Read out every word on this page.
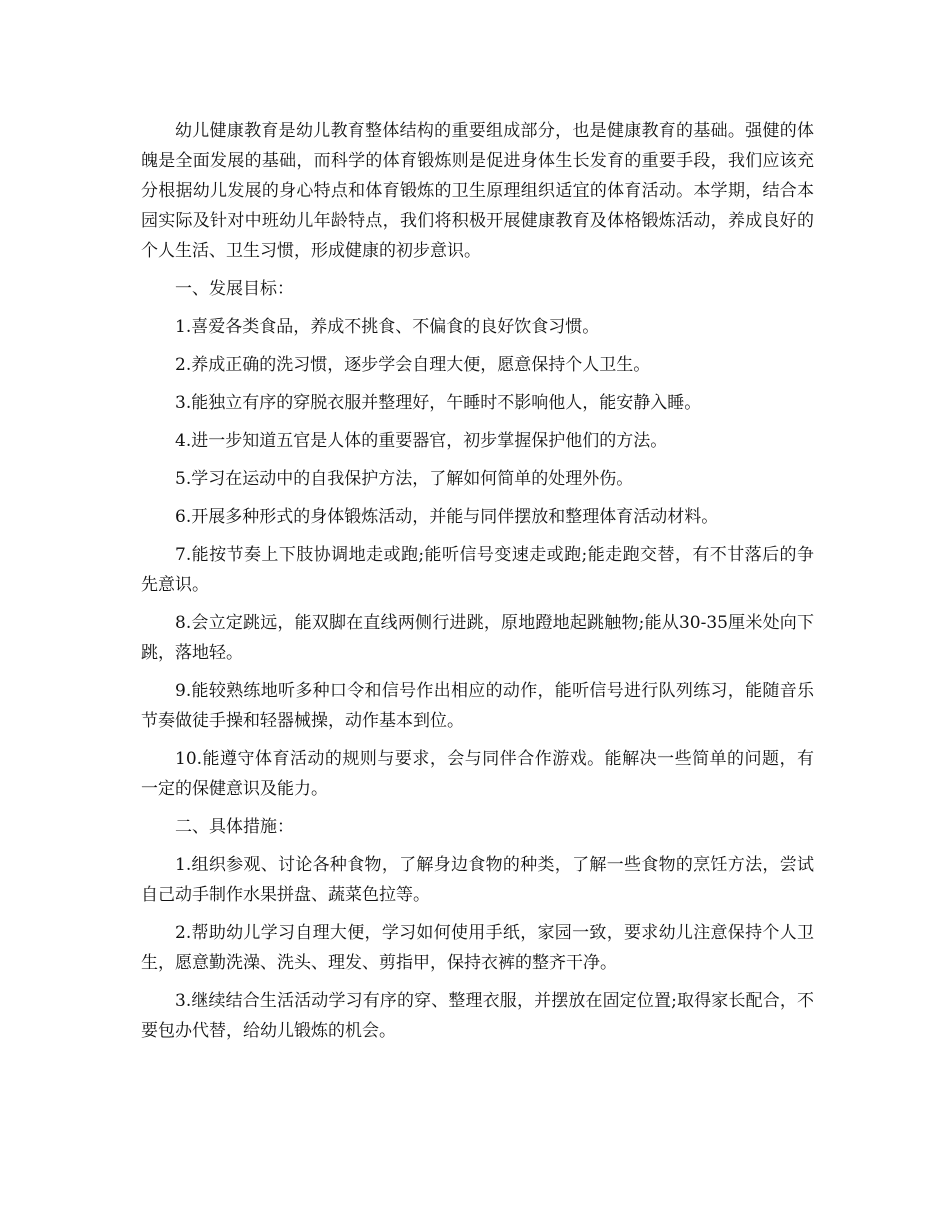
幼儿健康教育是幼儿教育整体结构的重要组成部分，也是健康教育的基础。强健的体魄是全面发展的基础，而科学的体育锻炼则是促进身体生长发育的重要手段，我们应该充分根据幼儿发展的身心特点和体育锻炼的卫生原理组织适宜的体育活动。本学期，结合本园实际及针对中班幼儿年龄特点，我们将积极开展健康教育及体格锻炼活动，养成良好的个人生活、卫生习惯，形成健康的初步意识。

一、发展目标：

1.喜爱各类食品，养成不挑食、不偏食的良好饮食习惯。

2.养成正确的洗习惯，逐步学会自理大便，愿意保持个人卫生。

3.能独立有序的穿脱衣服并整理好，午睡时不影响他人，能安静入睡。

4.进一步知道五官是人体的重要器官，初步掌握保护他们的方法。

5.学习在运动中的自我保护方法，了解如何简单的处理外伤。

6.开展多种形式的身体锻炼活动，并能与同伴摆放和整理体育活动材料。

7.能按节奏上下肢协调地走或跑;能听信号变速走或跑;能走跑交替，有不甘落后的争先意识。

8.会立定跳远，能双脚在直线两侧行进跳，原地蹬地起跳触物;能从30-35厘米处向下跳，落地轻。

9.能较熟练地听多种口令和信号作出相应的动作，能听信号进行队列练习，能随音乐节奏做徒手操和轻器械操，动作基本到位。

10.能遵守体育活动的规则与要求，会与同伴合作游戏。能解决一些简单的问题，有一定的保健意识及能力。

二、具体措施：

1.组织参观、讨论各种食物，了解身边食物的种类，了解一些食物的烹饪方法，尝试自己动手制作水果拼盘、蔬菜色拉等。

2.帮助幼儿学习自理大便，学习如何使用手纸，家园一致，要求幼儿注意保持个人卫生，愿意勤洗澡、洗头、理发、剪指甲，保持衣裤的整齐干净。

3.继续结合生活活动学习有序的穿、整理衣服，并摆放在固定位置;取得家长配合，不要包办代替，给幼儿锻炼的机会。
